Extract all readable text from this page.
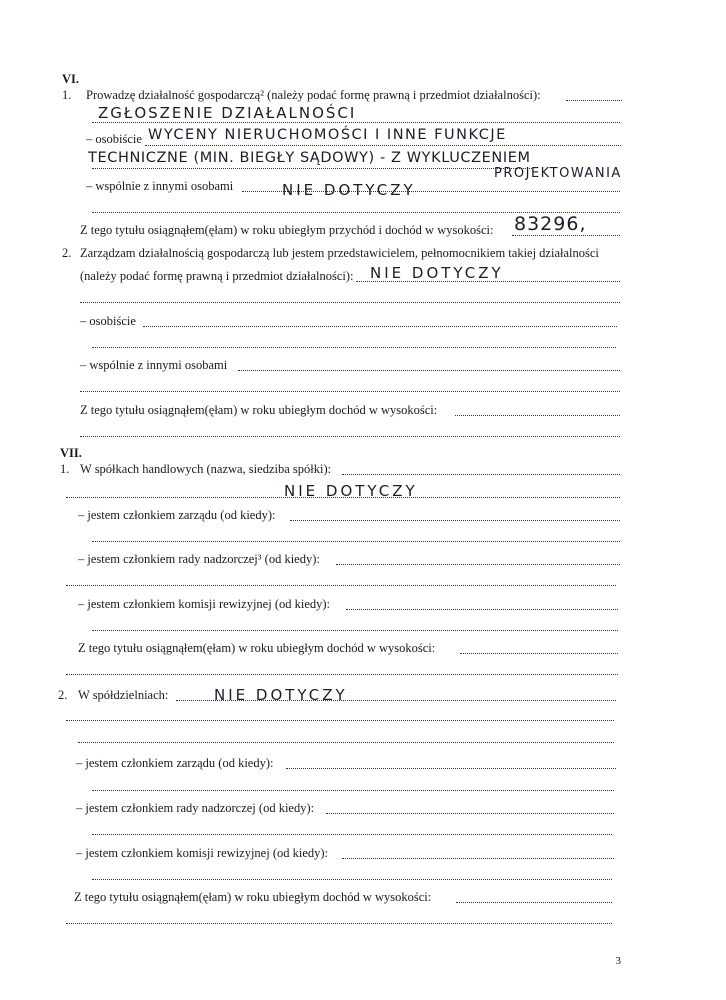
VI.
1. Prowadzę działalność gospodarczą² (należy podać formę prawną i przedmiot działalności):
ZGŁOSZENIE DZIAŁALNOŚCI
– osobiście WYCENY NIERUCHOMOŚCI I INNE FUNKCJE
TECHNICZNE (MIN. BIEGŁY SĄDOWY) - Z WYKLUCZENIEM
PROJEKTOWANIA
– wspólnie z innymi osobami	NIE DOTYCZY
Z tego tytułu osiągnąłem(ęłam) w roku ubiegłym przychód i dochód w wysokości: 83296,
2. Zarządzam działalnością gospodarczą lub jestem przedstawicielem, pełnomocnikiem takiej działalności
(należy podać formę prawną i przedmiot działalności): NIE DOTYCZY
– osobiście
– wspólnie z innymi osobami
Z tego tytułu osiągnąłem(ęłam) w roku ubiegłym dochód w wysokości:
VII.
1. W spółkach handlowych (nazwa, siedziba spółki):
NIE DOTYCZY
– jestem członkiem zarządu (od kiedy):
– jestem członkiem rady nadzorczej³ (od kiedy):
– jestem członkiem komisji rewizyjnej (od kiedy):
Z tego tytułu osiągnąłem(ęłam) w roku ubiegłym dochód w wysokości:
2. W spółdzielniach:	NIE DOTYCZY
– jestem członkiem zarządu (od kiedy):
– jestem członkiem rady nadzorczej (od kiedy):
– jestem członkiem komisji rewizyjnej (od kiedy):
Z tego tytułu osiągnąłem(ęłam) w roku ubiegłym dochód w wysokości:
3
